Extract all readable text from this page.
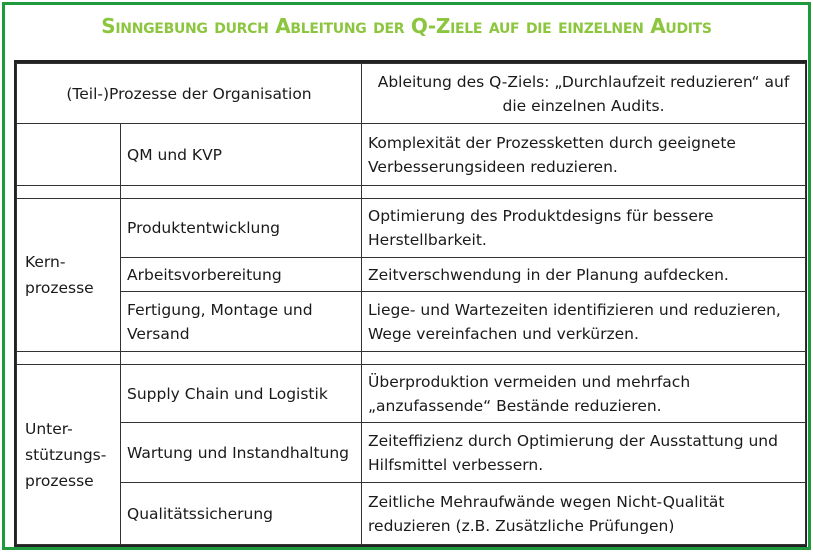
Sinngebung durch Ableitung der Q-Ziele auf die einzelnen Audits
(Teil-)Prozesse der Organisation		Ableitung des Q-Ziels: „Durchlaufzeit reduzieren“ auf die einzelnen Audits.
	QM und KVP	Komplexität der Prozessketten durch geeignete Verbesserungsideen reduzieren.

Kern-
prozesse	Produktentwicklung	Optimierung des Produktdesigns für bessere Herstellbarkeit.
	Arbeitsvorbereitung	Zeitverschwendung in der Planung aufdecken.
	Fertigung, Montage und Versand	Liege- und Wartezeiten identifizieren und reduzieren, Wege vereinfachen und verkürzen.

Unter-
stützungs-
prozesse	Supply Chain und Logistik	Überproduktion vermeiden und mehrfach „anzufassende“ Bestände reduzieren.
	Wartung und Instandhaltung	Zeiteffizienz durch Optimierung der Ausstattung und Hilfsmittel verbessern.
	Qualitätssicherung	Zeitliche Mehraufwände wegen Nicht-Qualität reduzieren (z.B. Zusätzliche Prüfungen)
